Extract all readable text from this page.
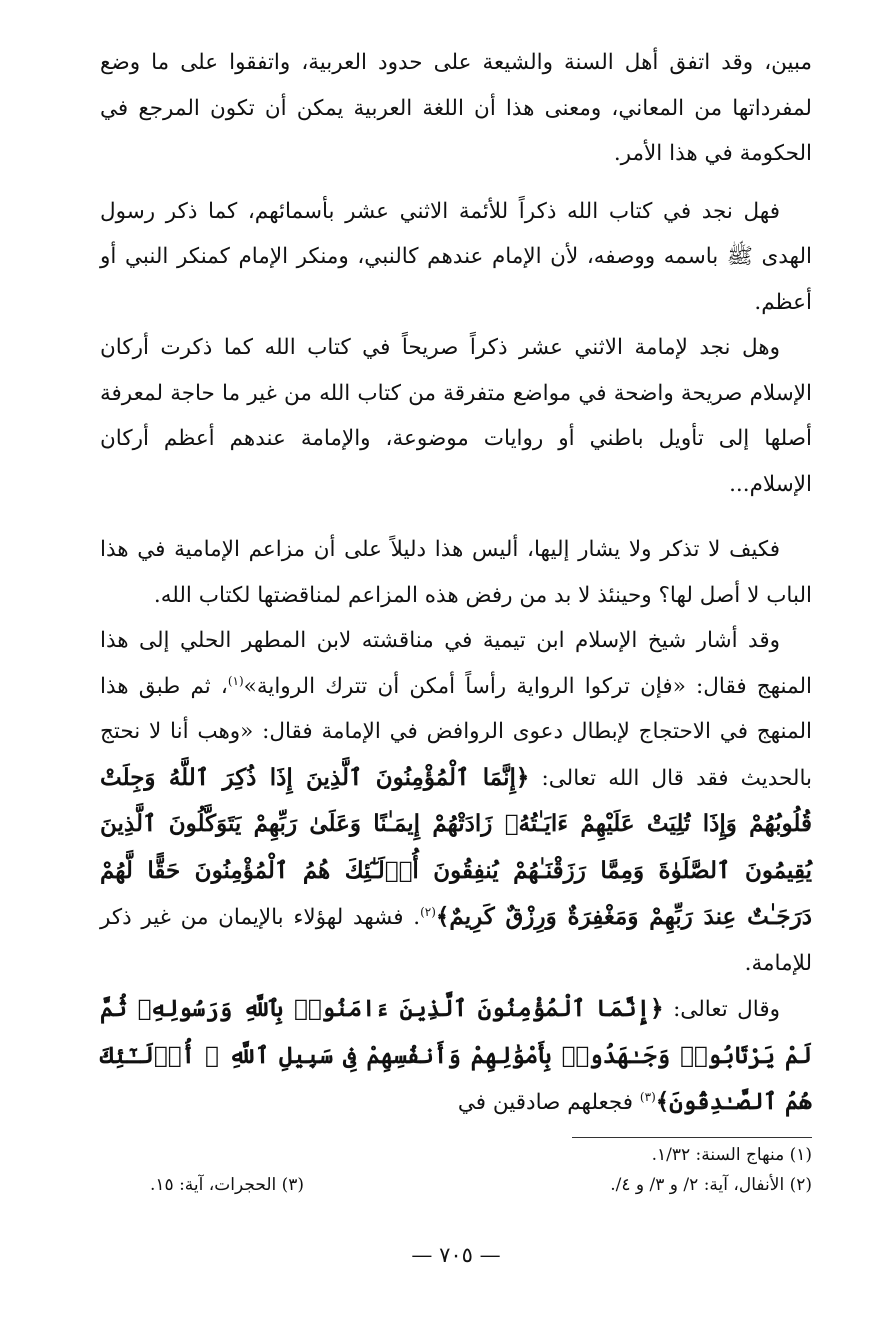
مبين، وقد اتفق أهل السنة والشيعة على حدود العربية، واتفقوا على ما وضع لمفرداتها من المعاني، ومعنى هذا أن اللغة العربية يمكن أن تكون المرجع في الحكومة في هذا الأمر.

فهل نجد في كتاب الله ذكراً للأئمة الاثني عشر بأسمائهم، كما ذكر رسول الهدى ﷺ باسمه ووصفه، لأن الإمام عندهم كالنبي، ومنكر الإمام كمنكر النبي أو أعظم.

وهل نجد لإمامة الاثني عشر ذكراً صريحاً في كتاب الله كما ذكرت أركان الإسلام صريحة واضحة في مواضع متفرقة من كتاب الله من غير ما حاجة لمعرفة أصلها إلى تأويل باطني أو روايات موضوعة، والإمامة عندهم أعظم أركان الإسلام...

فكيف لا تذكر ولا يشار إليها، أليس هذا دليلاً على أن مزاعم الإمامية في هذا الباب لا أصل لها؟ وحينئذ لا بد من رفض هذه المزاعم لمناقضتها لكتاب الله.

وقد أشار شيخ الإسلام ابن تيمية في مناقشته لابن المطهر الحلي إلى هذا المنهج فقال: «فإن تركوا الرواية رأساً أمكن أن تترك الرواية»$^{(١)}$، ثم طبق هذا المنهج في الاحتجاج لإبطال دعوى الروافض في الإمامة فقال: «وهب أنا لا نحتج بالحديث فقد قال الله تعالى: ﴿إِنَّمَا ٱلْمُؤْمِنُونَ ٱلَّذِينَ إِذَا ذُكِرَ ٱللَّهُ وَجِلَتْ قُلُوبُهُمْ وَإِذَا تُلِيَتْ عَلَيْهِمْ ءَايَـٰتُهُۥ زَادَتْهُمْ إِيمَـٰنًا وَعَلَىٰ رَبِّهِمْ يَتَوَكَّلُونَ ٱلَّذِينَ يُقِيمُونَ ٱلصَّلَوٰةَ وَمِمَّا رَزَقْنَـٰهُمْ يُنفِقُونَ أُو۟لَـٰٓئِكَ هُمُ ٱلْمُؤْمِنُونَ حَقًّا لَّهُمْ دَرَجَـٰتٌ عِندَ رَبِّهِمْ وَمَغْفِرَةٌ وَرِزْقٌ كَرِيمٌ﴾$^{(٢)}$. فشهد لهؤلاء بالإيمان من غير ذكر للإمامة.

وقال تعالى: ﴿إِنَّمَا ٱلْمُؤْمِنُونَ ٱلَّذِينَ ءَامَنُوا۟ بِٱللَّهِ وَرَسُولِهِۦ ثُمَّ لَمْ يَرْتَابُوا۟ وَجَـٰهَدُوا۟ بِأَمْوَٰلِهِمْ وَأَنفُسِهِمْ فِى سَبِيلِ ٱللَّهِ ۚ أُو۟لَـٰٓئِكَ هُمُ ٱلصَّـٰدِقُونَ﴾$^{(٣)}$ فجعلهم صادقين في

(١) منهاج السنة: ١/٣٢.
(٢) الأنفال، آية: ٢/ و ٣/ و ٤/.
(٣) الحجرات، آية: ١٥.
— ٧٠٥ —
